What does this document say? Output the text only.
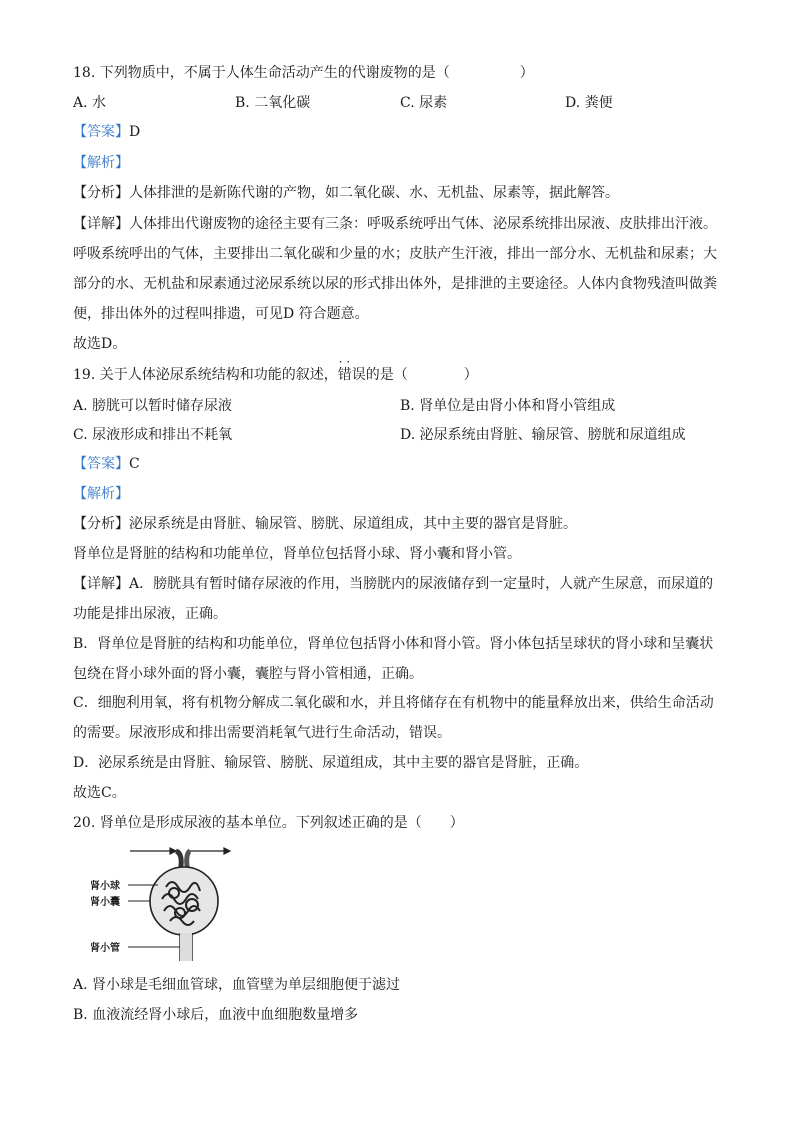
18. 下列物质中，不属于人体生命活动产生的代谢废物的是（　　　　　）
A. 水	B. 二氧化碳	C. 尿素	D. 粪便
【答案】D
【解析】
【分析】人体排泄的是新陈代谢的产物，如二氧化碳、水、无机盐、尿素等，据此解答。
【详解】人体排出代谢废物的途径主要有三条：呼吸系统呼出气体、泌尿系统排出尿液、皮肤排出汗液。
呼吸系统呼出的气体，主要排出二氧化碳和少量的水；皮肤产生汗液，排出一部分水、无机盐和尿素；大
部分的水、无机盐和尿素通过泌尿系统以尿的形式排出体外，是排泄的主要途径。人体内食物残渣叫做粪
便，排出体外的过程叫排遗，可见D 符合题意。
故选D。
19. 关于人体泌尿系统结构和功能的叙述，· · 错误的是（　　　　）
A. 膀胱可以暂时储存尿液	B. 肾单位是由肾小体和肾小管组成
C. 尿液形成和排出不耗氧	D. 泌尿系统由肾脏、输尿管、膀胱和尿道组成
【答案】C
【解析】
【分析】泌尿系统是由肾脏、输尿管、膀胱、尿道组成，其中主要的器官是肾脏。
肾单位是肾脏的结构和功能单位，肾单位包括肾小球、肾小囊和肾小管。
【详解】A．膀胱具有暂时储存尿液的作用，当膀胱内的尿液储存到一定量时，人就产生尿意，而尿道的
功能是排出尿液，正确。
B．肾单位是肾脏的结构和功能单位，肾单位包括肾小体和肾小管。肾小体包括呈球状的肾小球和呈囊状
包绕在肾小球外面的肾小囊，囊腔与肾小管相通，正确。
C．细胞利用氧，将有机物分解成二氧化碳和水，并且将储存在有机物中的能量释放出来，供给生命活动
的需要。尿液形成和排出需要消耗氧气进行生命活动，错误。
D．泌尿系统是由肾脏、输尿管、膀胱、尿道组成，其中主要的器官是肾脏，正确。
故选C。
20. 肾单位是形成尿液的基本单位。下列叙述正确的是（　　）
肾小球
肾小囊
肾小管
A. 肾小球是毛细血管球，血管壁为单层细胞便于滤过
B. 血液流经肾小球后，血液中血细胞数量增多
